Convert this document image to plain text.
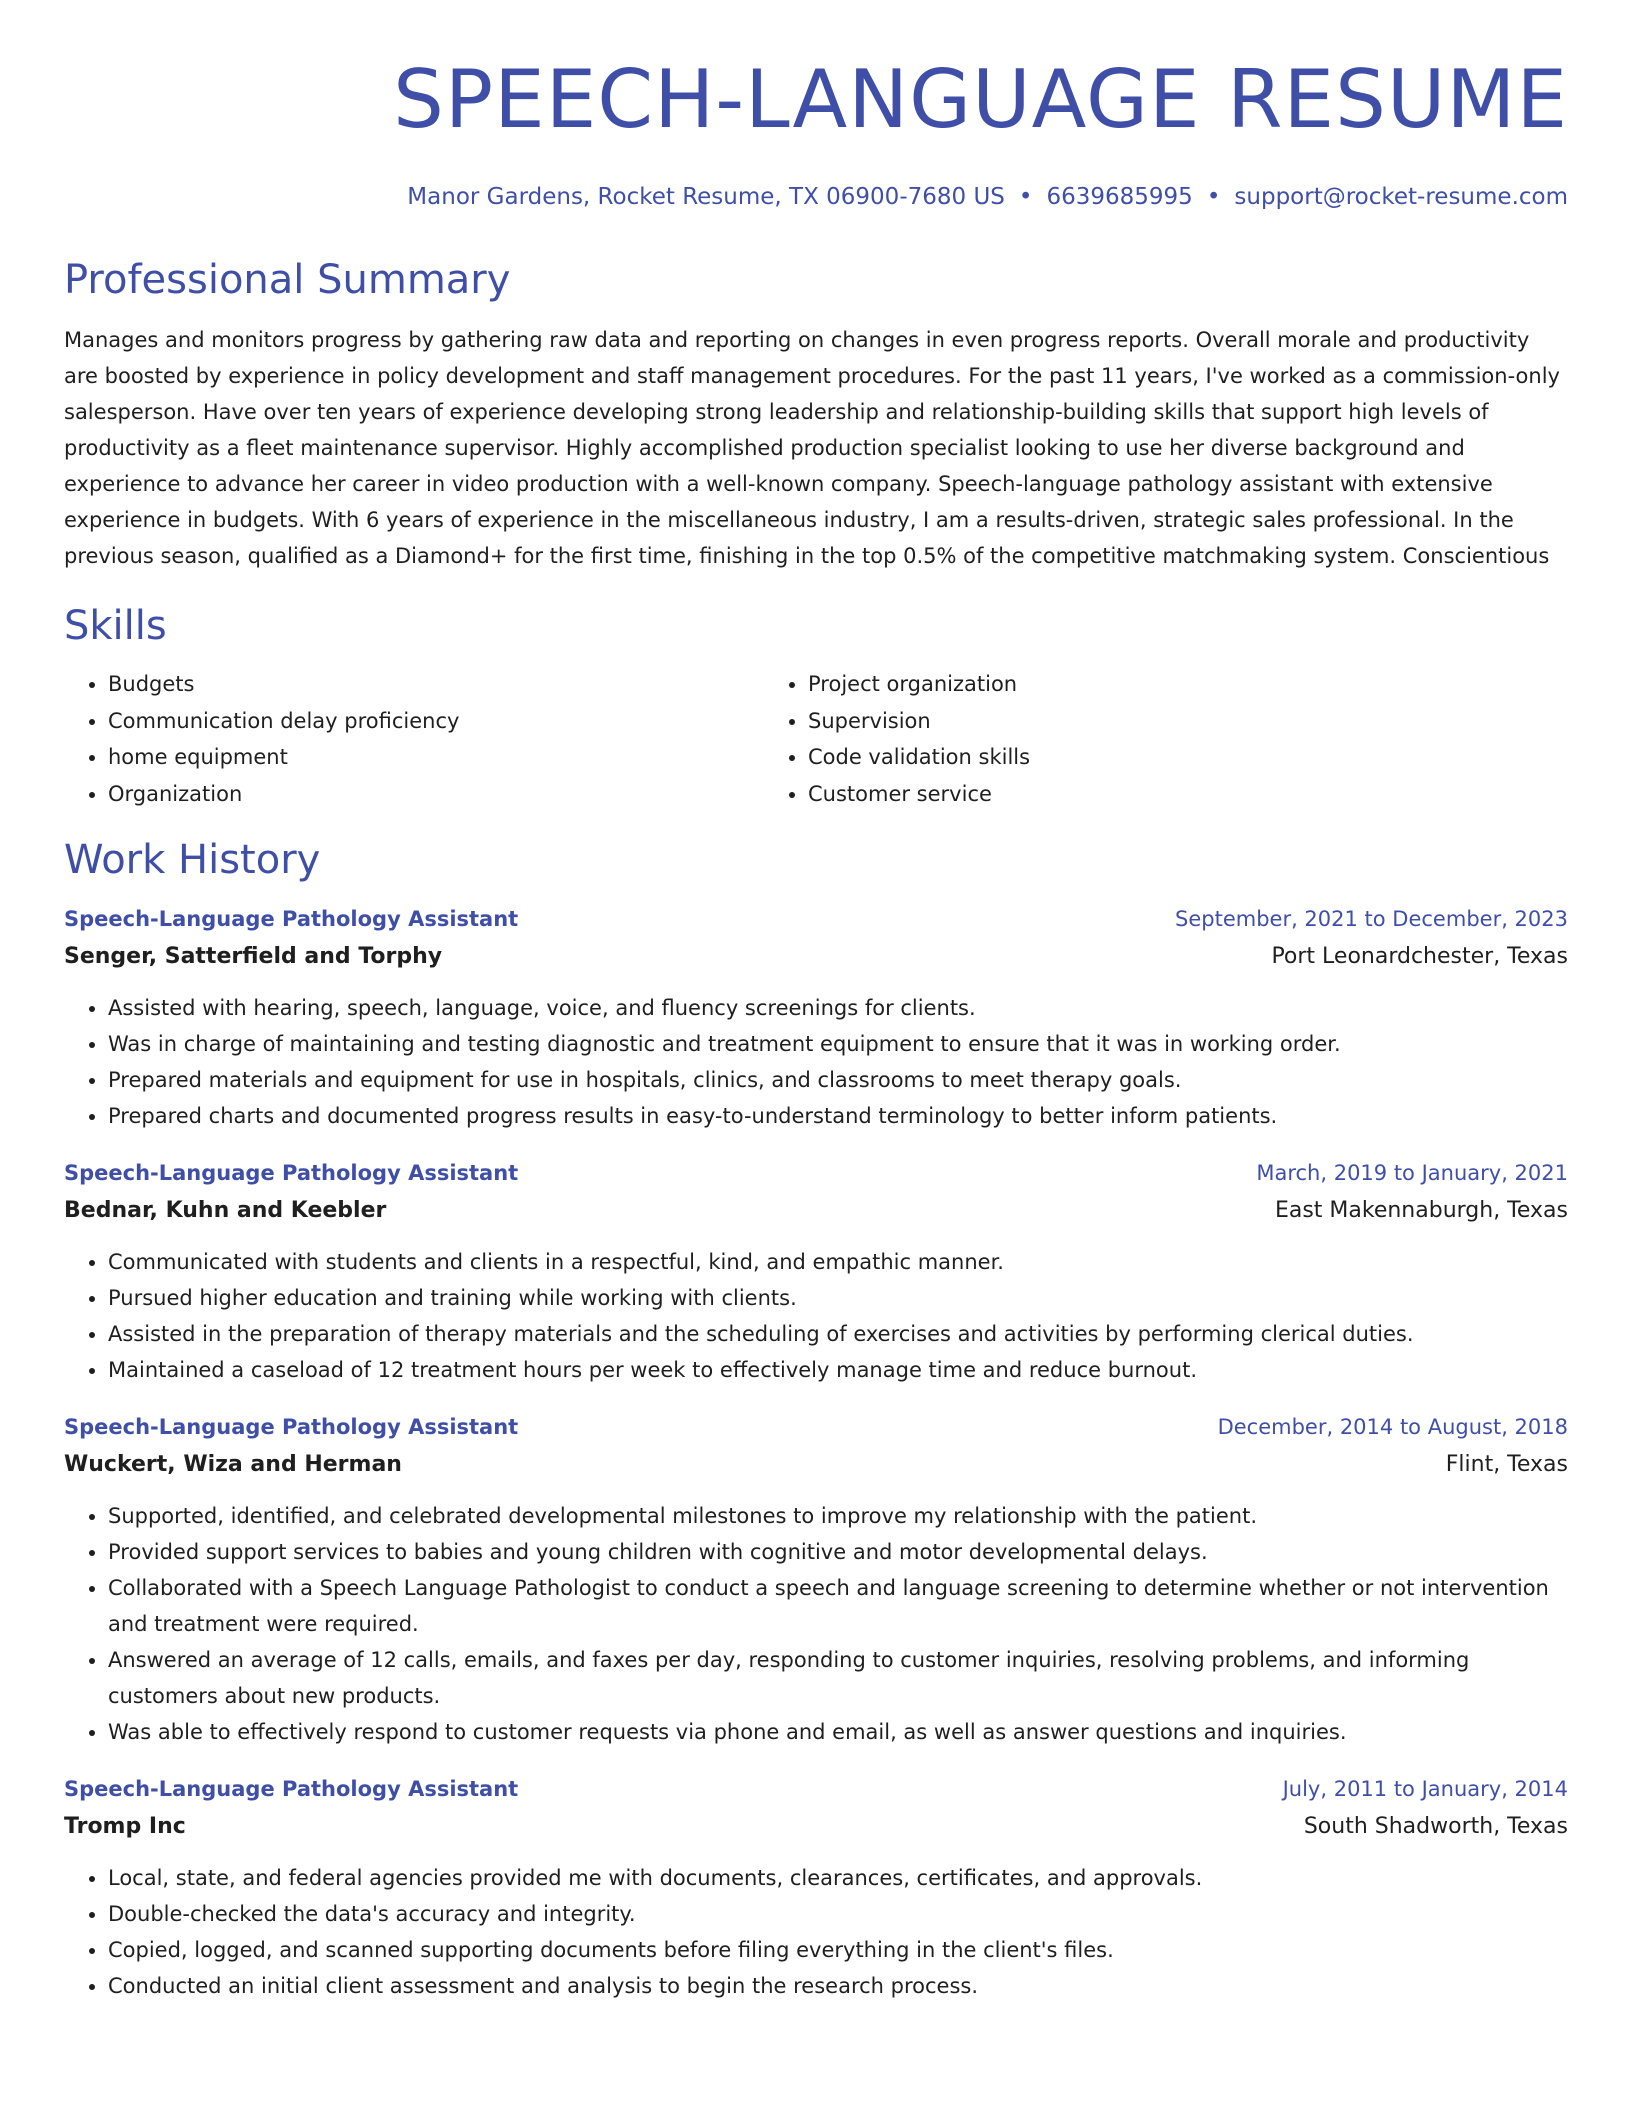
SPEECH-LANGUAGE RESUME
Manor Gardens, Rocket Resume, TX 06900-7680 US • 6639685995 • support@rocket-resume.com
Professional Summary
Manages and monitors progress by gathering raw data and reporting on changes in even progress reports. Overall morale and productivity are boosted by experience in policy development and staff management procedures. For the past 11 years, I've worked as a commission-only salesperson. Have over ten years of experience developing strong leadership and relationship-building skills that support high levels of productivity as a fleet maintenance supervisor. Highly accomplished production specialist looking to use her diverse background and experience to advance her career in video production with a well-known company. Speech-language pathology assistant with extensive experience in budgets. With 6 years of experience in the miscellaneous industry, I am a results-driven, strategic sales professional. In the previous season, qualified as a Diamond+ for the first time, finishing in the top 0.5% of the competitive matchmaking system. Conscientious
Skills
• Budgets
• Communication delay proficiency
• home equipment
• Organization
• Project organization
• Supervision
• Code validation skills
• Customer service
Work History
Speech-Language Pathology Assistant	September, 2021 to December, 2023
Senger, Satterfield and Torphy	Port Leonardchester, Texas
• Assisted with hearing, speech, language, voice, and fluency screenings for clients.
• Was in charge of maintaining and testing diagnostic and treatment equipment to ensure that it was in working order.
• Prepared materials and equipment for use in hospitals, clinics, and classrooms to meet therapy goals.
• Prepared charts and documented progress results in easy-to-understand terminology to better inform patients.
Speech-Language Pathology Assistant	March, 2019 to January, 2021
Bednar, Kuhn and Keebler	East Makennaburgh, Texas
• Communicated with students and clients in a respectful, kind, and empathic manner.
• Pursued higher education and training while working with clients.
• Assisted in the preparation of therapy materials and the scheduling of exercises and activities by performing clerical duties.
• Maintained a caseload of 12 treatment hours per week to effectively manage time and reduce burnout.
Speech-Language Pathology Assistant	December, 2014 to August, 2018
Wuckert, Wiza and Herman	Flint, Texas
• Supported, identified, and celebrated developmental milestones to improve my relationship with the patient.
• Provided support services to babies and young children with cognitive and motor developmental delays.
• Collaborated with a Speech Language Pathologist to conduct a speech and language screening to determine whether or not intervention and treatment were required.
• Answered an average of 12 calls, emails, and faxes per day, responding to customer inquiries, resolving problems, and informing customers about new products.
• Was able to effectively respond to customer requests via phone and email, as well as answer questions and inquiries.
Speech-Language Pathology Assistant	July, 2011 to January, 2014
Tromp Inc	South Shadworth, Texas
• Local, state, and federal agencies provided me with documents, clearances, certificates, and approvals.
• Double-checked the data's accuracy and integrity.
• Copied, logged, and scanned supporting documents before filing everything in the client's files.
• Conducted an initial client assessment and analysis to begin the research process.
